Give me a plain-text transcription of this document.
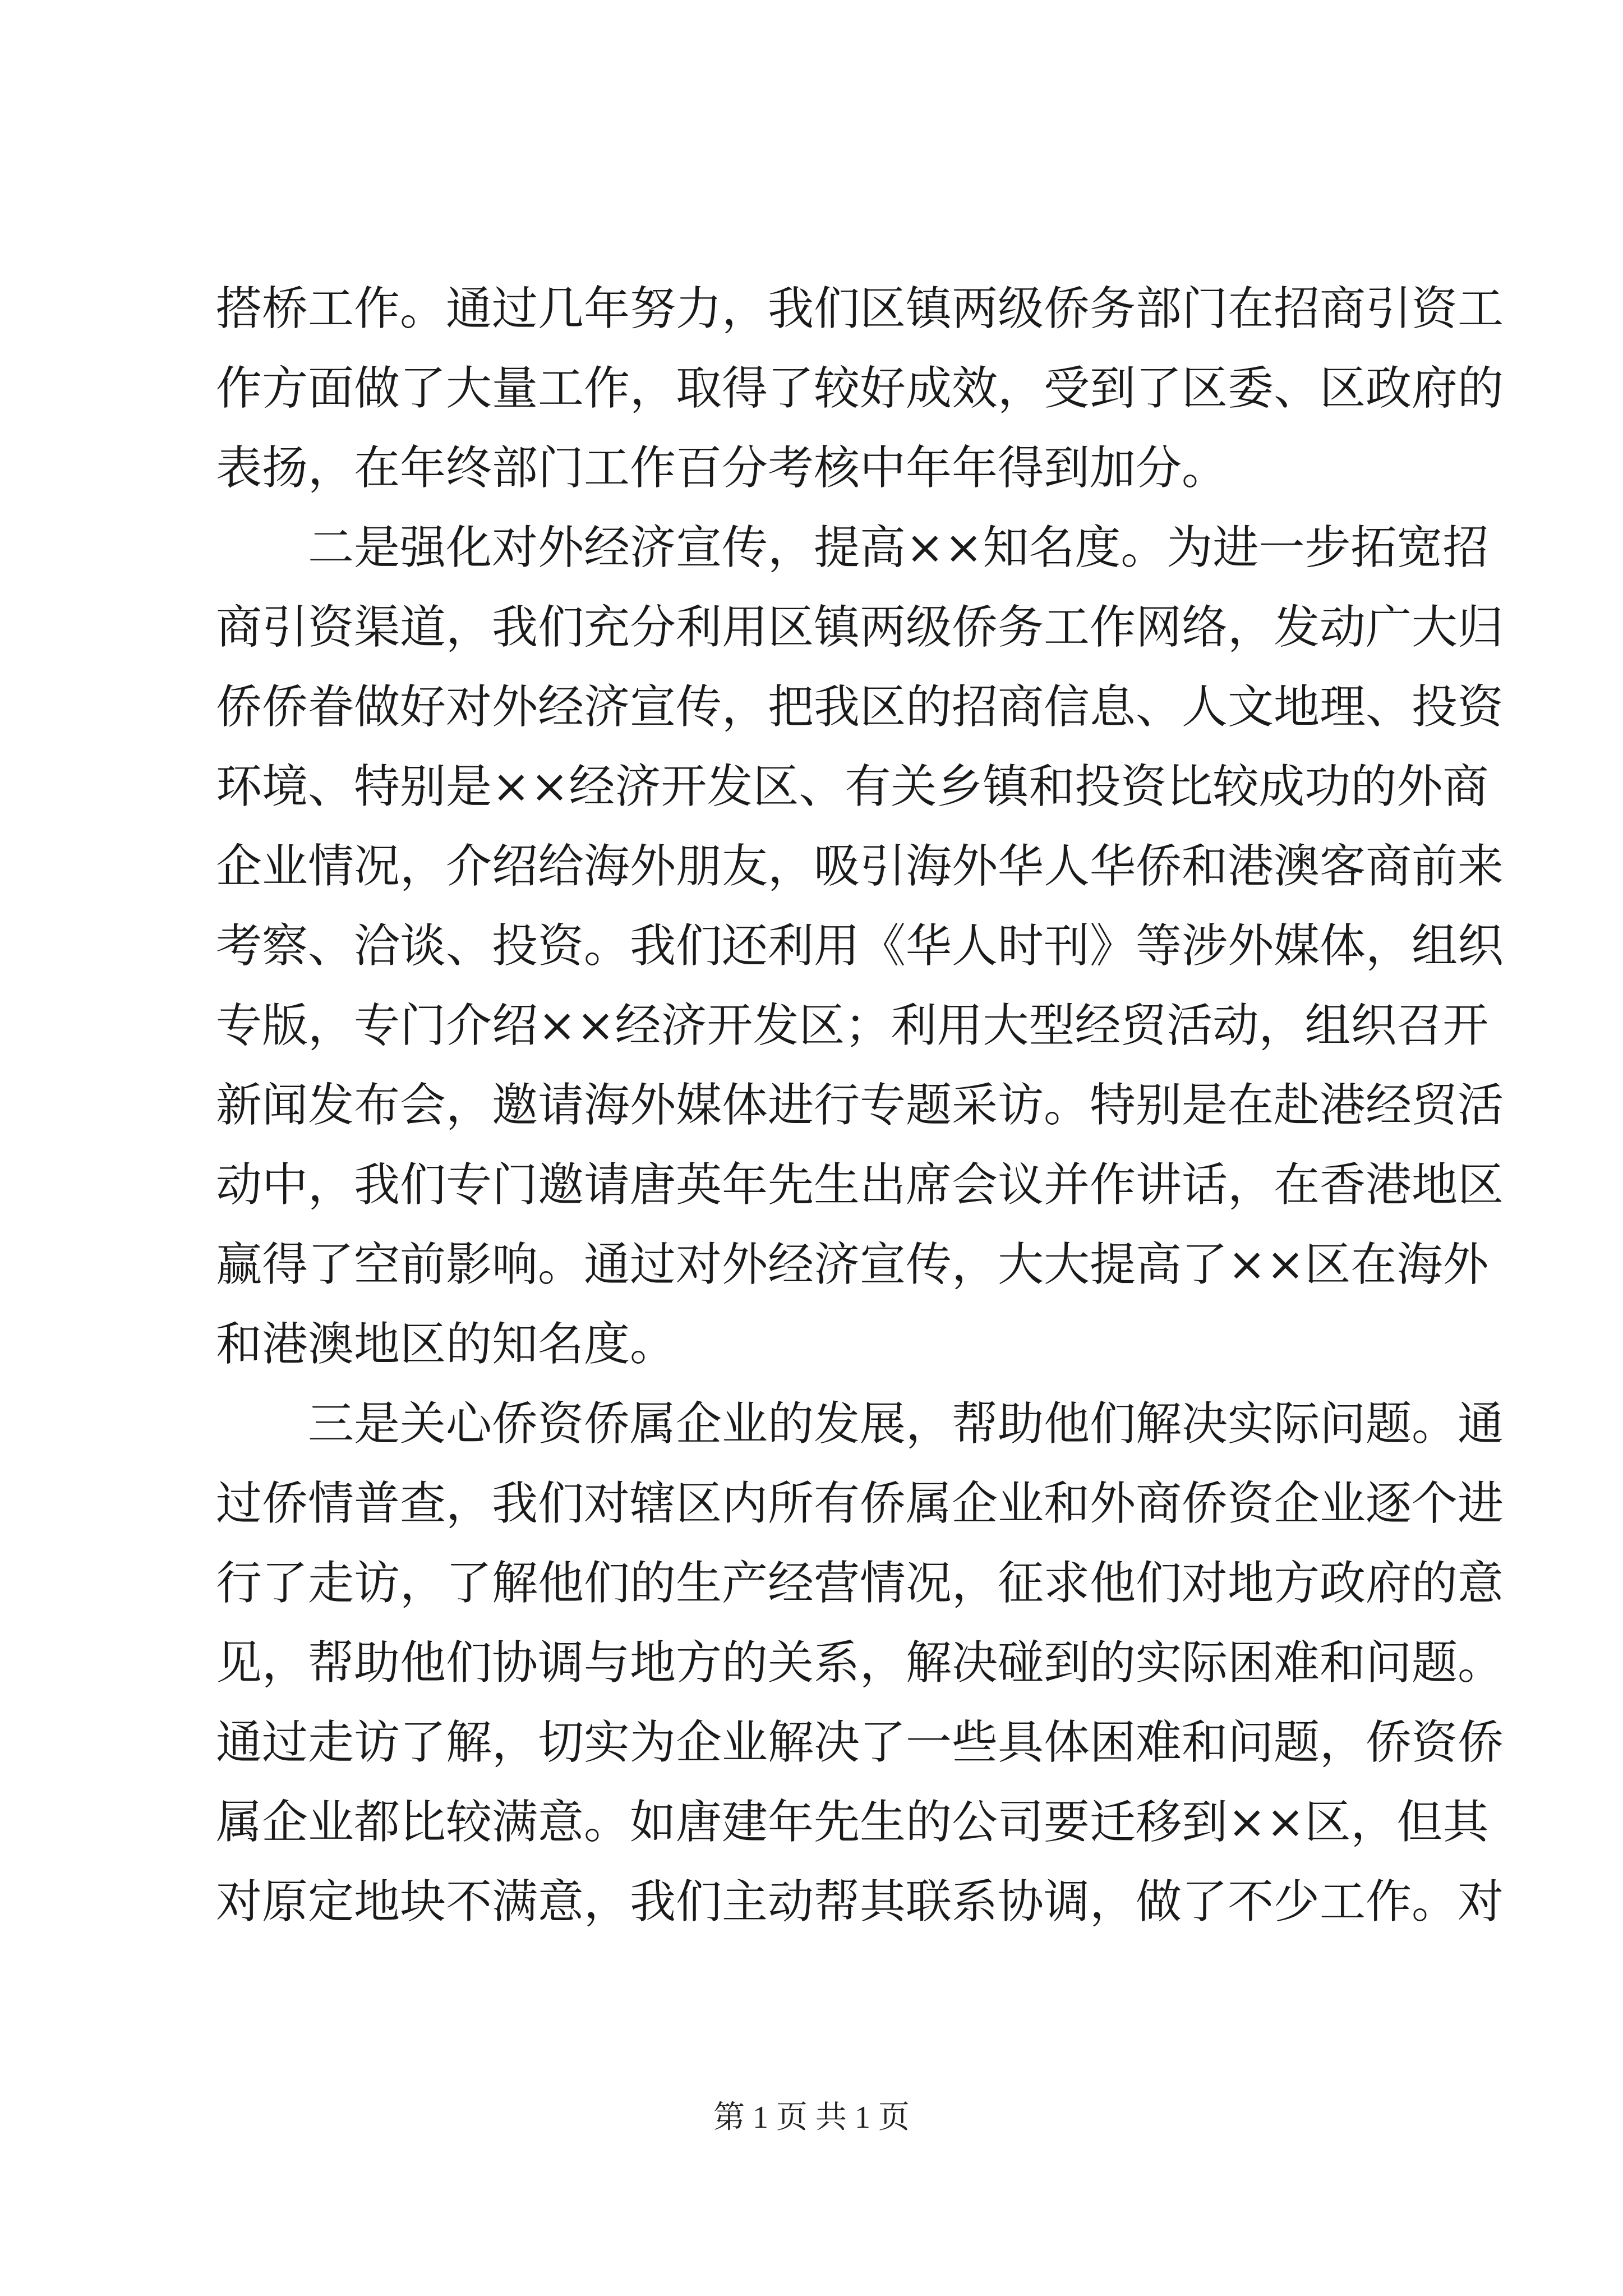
搭桥工作。通过几年努力，我们区镇两级侨务部门在招商引资工
作方面做了大量工作，取得了较好成效，受到了区委、区政府的
表扬，在年终部门工作百分考核中年年得到加分。
二是强化对外经济宣传，提高××知名度。为进一步拓宽招
商引资渠道，我们充分利用区镇两级侨务工作网络，发动广大归
侨侨眷做好对外经济宣传，把我区的招商信息、人文地理、投资
环境、特别是××经济开发区、有关乡镇和投资比较成功的外商
企业情况，介绍给海外朋友，吸引海外华人华侨和港澳客商前来
考察、洽谈、投资。我们还利用《华人时刊》等涉外媒体，组织
专版，专门介绍××经济开发区；利用大型经贸活动，组织召开
新闻发布会，邀请海外媒体进行专题采访。特别是在赴港经贸活
动中，我们专门邀请唐英年先生出席会议并作讲话，在香港地区
赢得了空前影响。通过对外经济宣传，大大提高了××区在海外
和港澳地区的知名度。
三是关心侨资侨属企业的发展，帮助他们解决实际问题。通
过侨情普查，我们对辖区内所有侨属企业和外商侨资企业逐个进
行了走访，了解他们的生产经营情况，征求他们对地方政府的意
见，帮助他们协调与地方的关系，解决碰到的实际困难和问题。
通过走访了解，切实为企业解决了一些具体困难和问题，侨资侨
属企业都比较满意。如唐建年先生的公司要迁移到××区，但其
对原定地块不满意，我们主动帮其联系协调，做了不少工作。对
第 1 页 共 1 页
